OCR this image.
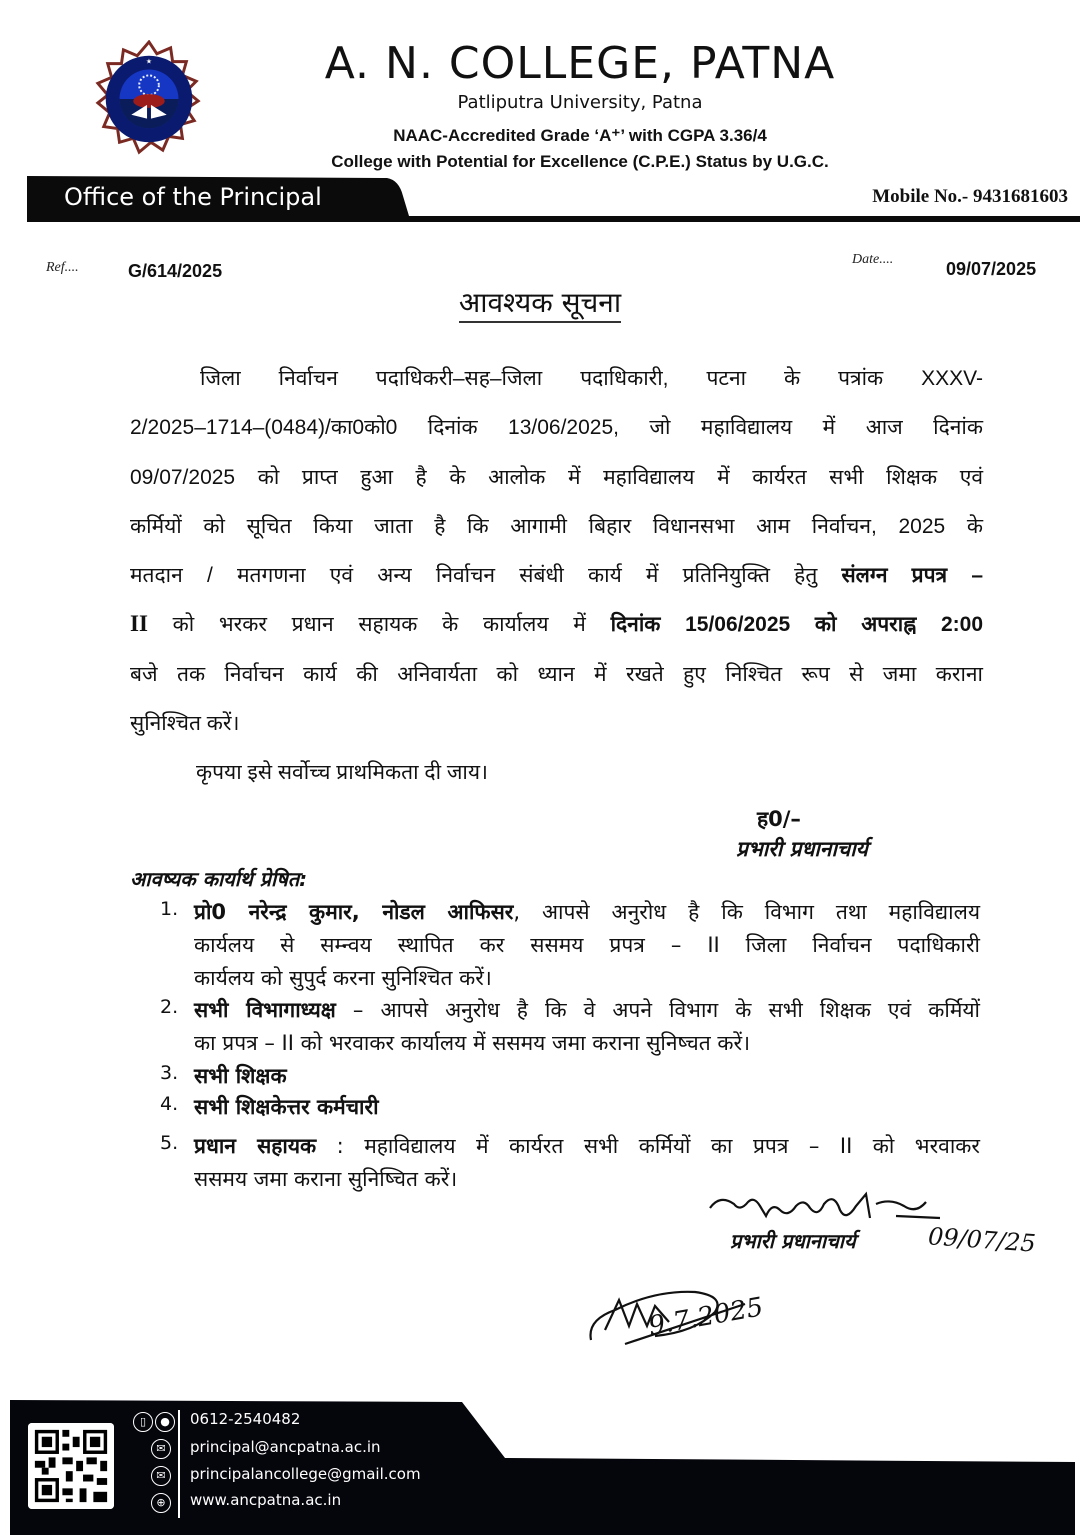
★	A. N. COLLEGE, PATNA
Patliputra University, Patna
NAAC-Accredited Grade ‘A⁺’ with CGPA 3.36/4
College with Potential for Excellence (C.P.E.) Status by U.G.C.
Office of the Principal	Mobile No.- 9431681603
Ref....	G/614/2025
Date....	09/07/2025
आवश्यक सूचना
जिला निर्वाचन पदाधिकरी–सह–जिला पदाधिकारी, पटना के पत्रांक XXXV-
2/2025–1714–(0484)/का0को0 दिनांक 13/06/2025, जो महाविद्यालय में आज दिनांक
09/07/2025 को प्राप्त हुआ है के आलोक में महाविद्यालय में कार्यरत सभी शिक्षक एवं
कर्मियों को सूचित किया जाता है कि आगामी बिहार विधानसभा आम निर्वाचन, 2025 के
मतदान / मतगणना एवं अन्य निर्वाचन संबंधी कार्य में प्रतिनियुक्ति हेतु संलग्न प्रपत्र –
II को भरकर प्रधान सहायक के कार्यालय में दिनांक 15/06/2025 को अपराह्न 2:00
बजे तक निर्वाचन कार्य की अनिवार्यता को ध्यान में रखते हुए निश्चित रूप से जमा कराना
सुनिश्चित करें।
कृपया इसे सर्वोच्च प्राथमिकता दी जाय।
ह0/–
प्रभारी प्रधानाचार्य
आवष्यक कार्यार्थ प्रेषित:
1. प्रो0 नरेन्द्र कुमार, नोडल आफिसर, आपसे अनुरोध है कि विभाग तथा महाविद्यालय
कार्यलय से सम्न्वय स्थापित कर ससमय प्रपत्र – II जिला निर्वाचन पदाधिकारी
कार्यलय को सुपुर्द करना सुनिश्चित करें।
2. सभी विभागाध्यक्ष – आपसे अनुरोध है कि वे अपने विभाग के सभी शिक्षक एवं कर्मियों
का प्रपत्र – II को भरवाकर कार्यालय में ससमय जमा कराना सुनिष्चत करें।
3. सभी शिक्षक
4. सभी शिक्षकेत्तर कर्मचारी
5. प्रधान सहायक : महाविद्यालय में कार्यरत सभी कर्मियों का प्रपत्र – II को भरवाकर
ससमय जमा कराना सुनिष्चित करें।
प्रभारी प्रधानाचार्य	09/07/25
9.7.2025
▯	●
✉
✉
⊕
0612-2540482
principal@ancpatna.ac.in
principalancollege@gmail.com
www.ancpatna.ac.in
